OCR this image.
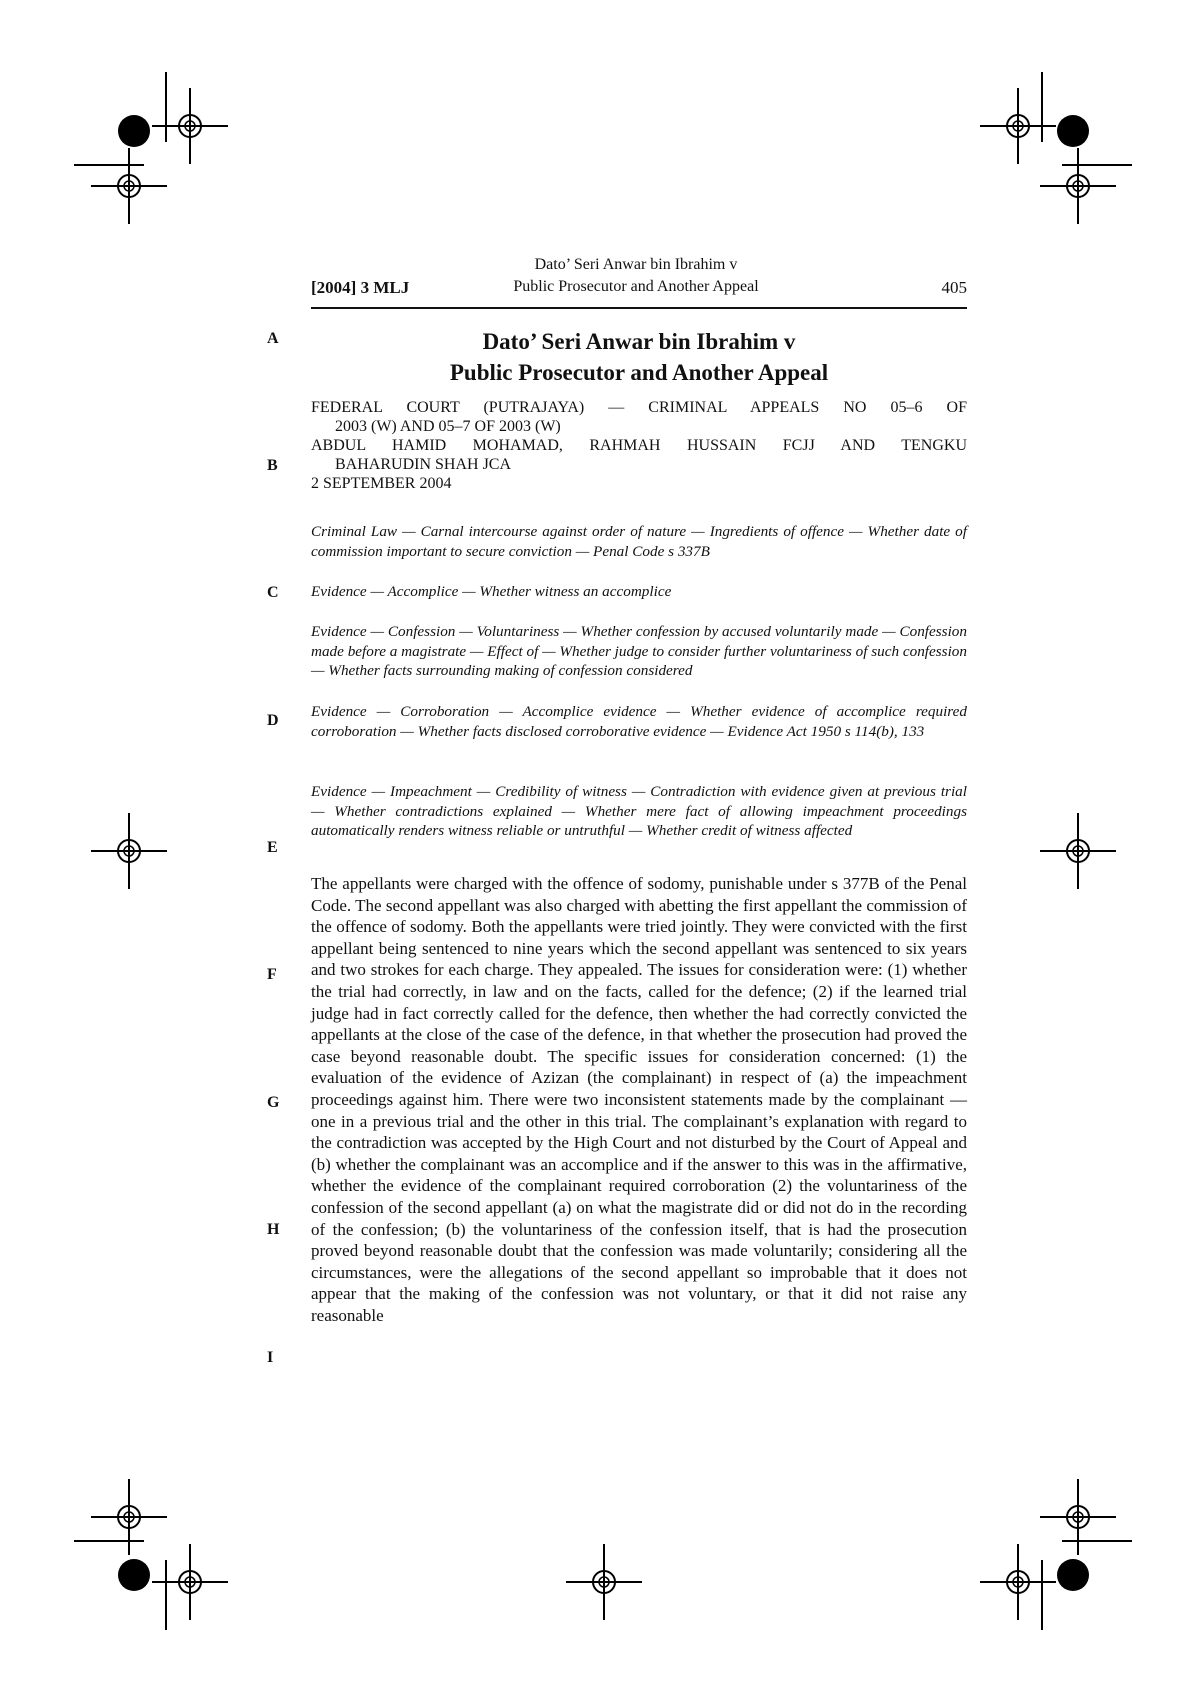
[2004] 3 MLJ
Dato’ Seri Anwar bin Ibrahim v
Public Prosecutor and Another Appeal	405
A
B
C
D
E
F
G
H
I
Dato’ Seri Anwar bin Ibrahim v
Public Prosecutor and Another Appeal
FEDERAL COURT (PUTRAJAYA) — CRIMINAL APPEALS NO 05–6 OF
2003 (W) AND 05–7 OF 2003 (W)
ABDUL HAMID MOHAMAD, RAHMAH HUSSAIN FCJJ AND TENGKU
BAHARUDIN SHAH JCA
2 SEPTEMBER 2004
Criminal Law — Carnal intercourse against order of nature — Ingredients of offence — Whether date of commission important to secure conviction — Penal Code s 337B
Evidence — Accomplice — Whether witness an accomplice
Evidence — Confession — Voluntariness — Whether confession by accused voluntarily made — Confession made before a magistrate — Effect of — Whether judge to consider further voluntariness of such confession — Whether facts surrounding making of confession considered
Evidence — Corroboration — Accomplice evidence — Whether evidence of accomplice required corroboration — Whether facts disclosed corroborative evidence — Evidence Act 1950 s 114(b), 133
Evidence — Impeachment — Credibility of witness — Contradiction with evidence given at previous trial — Whether contradictions explained — Whether mere fact of allowing impeachment proceedings automatically renders witness reliable or untruthful — Whether credit of witness affected

The appellants were charged with the offence of sodomy, punishable under s 377B of the Penal Code. The second appellant was also charged with abetting the first appellant the commission of the offence of sodomy. Both the appellants were tried jointly. They were convicted with the first appellant being sentenced to nine years which the second appellant was sentenced to six years and two strokes for each charge. They appealed. The issues for consideration were: (1) whether the trial had correctly, in law and on the facts, called for the defence; (2) if the learned trial judge had in fact correctly called for the defence, then whether the had correctly convicted the appellants at the close of the case of the defence, in that whether the prosecution had proved the case beyond reasonable doubt. The specific issues for consideration concerned: (1) the evaluation of the evidence of Azizan (the complainant) in respect of (a) the impeachment proceedings against him. There were two inconsistent statements made by the complainant — one in a previous trial and the other in this trial. The complainant’s explanation with regard to the contradiction was accepted by the High Court and not disturbed by the Court of Appeal and (b) whether the complainant was an accomplice and if the answer to this was in the affirmative, whether the evidence of the complainant required corroboration (2) the voluntariness of the confession of the second appellant (a) on what the magistrate did or did not do in the recording of the confession; (b) the voluntariness of the confession itself, that is had the prosecution proved beyond reasonable doubt that the confession was made voluntarily; considering all the circumstances, were the allegations of the second appellant so improbable that it does not appear that the making of the confession was not voluntary, or that it did not raise any reasonable
